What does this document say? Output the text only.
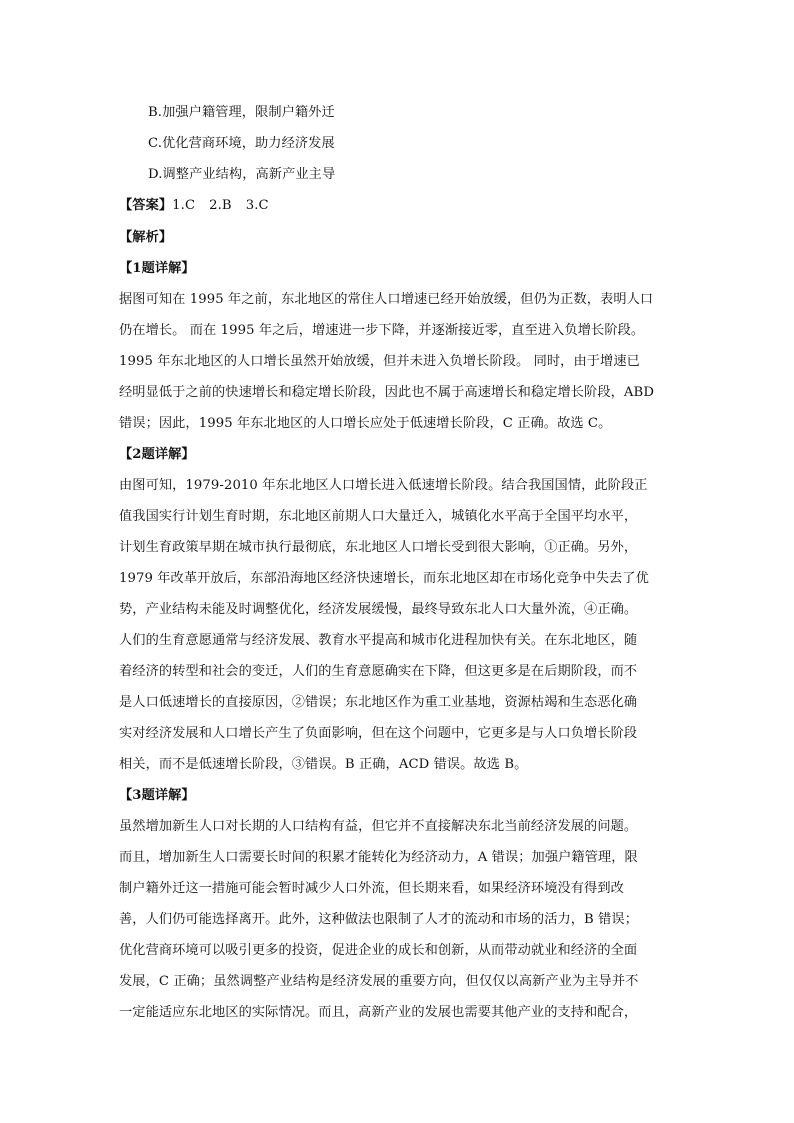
B.加强户籍管理，限制户籍外迁
C.优化营商环境，助力经济发展
D.调整产业结构，高新产业主导
【答案】1.C 2.B 3.C
【解析】
【1题详解】
据图可知在 1995 年之前，东北地区的常住人口增速已经开始放缓，但仍为正数，表明人口
仍在增长。 而在 1995 年之后，增速进一步下降，并逐渐接近零，直至进入负增长阶段。
1995 年东北地区的人口增长虽然开始放缓，但并未进入负增长阶段。 同时，由于增速已
经明显低于之前的快速增长和稳定增长阶段，因此也不属于高速增长和稳定增长阶段，ABD
错误；因此，1995 年东北地区的人口增长应处于低速增长阶段，C 正确。故选 C。
【2题详解】
由图可知，1979-2010 年东北地区人口增长进入低速增长阶段。结合我国国情，此阶段正
值我国实行计划生育时期，东北地区前期人口大量迁入，城镇化水平高于全国平均水平，
计划生育政策早期在城市执行最彻底，东北地区人口增长受到很大影响，①正确。另外，
1979 年改革开放后，东部沿海地区经济快速增长，而东北地区却在市场化竞争中失去了优
势，产业结构未能及时调整优化，经济发展缓慢，最终导致东北人口大量外流，④正确。
人们的生育意愿通常与经济发展、教育水平提高和城市化进程加快有关。在东北地区，随
着经济的转型和社会的变迁，人们的生育意愿确实在下降，但这更多是在后期阶段，而不
是人口低速增长的直接原因，②错误；东北地区作为重工业基地，资源枯竭和生态恶化确
实对经济发展和人口增长产生了负面影响，但在这个问题中，它更多是与人口负增长阶段
相关，而不是低速增长阶段，③错误。B 正确，ACD 错误。故选 B。
【3题详解】
虽然增加新生人口对长期的人口结构有益，但它并不直接解决东北当前经济发展的问题。
而且，增加新生人口需要长时间的积累才能转化为经济动力，A 错误；加强户籍管理，限
制户籍外迁这一措施可能会暂时减少人口外流，但长期来看，如果经济环境没有得到改
善，人们仍可能选择离开。此外，这种做法也限制了人才的流动和市场的活力，B 错误；
优化营商环境可以吸引更多的投资，促进企业的成长和创新，从而带动就业和经济的全面
发展，C 正确；虽然调整产业结构是经济发展的重要方向，但仅仅以高新产业为主导并不
一定能适应东北地区的实际情况。而且，高新产业的发展也需要其他产业的支持和配合，
